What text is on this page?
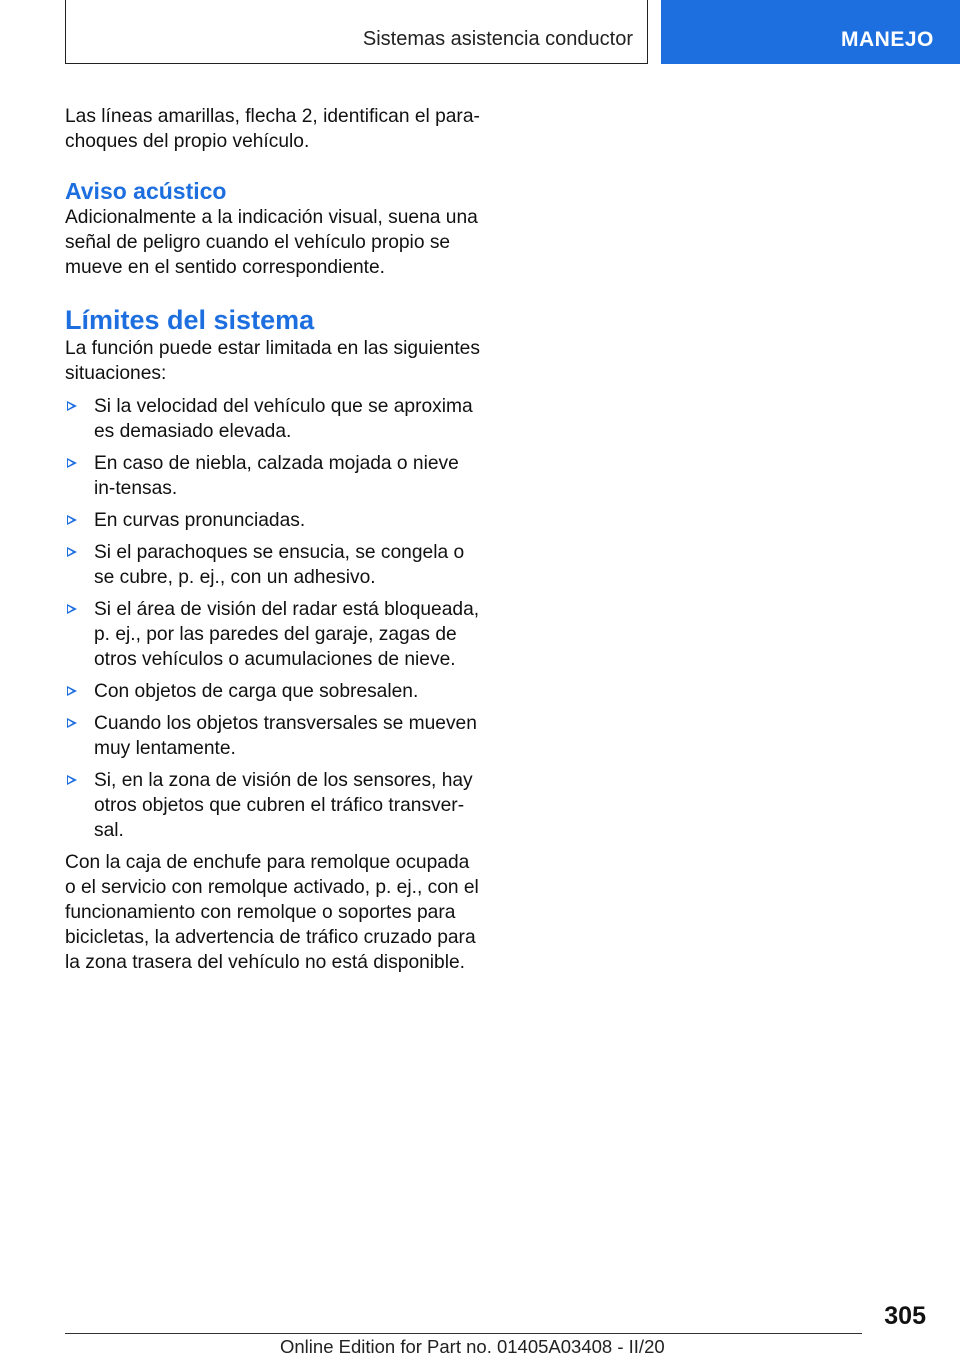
Sistemas asistencia conductor	MANEJO

Las líneas amarillas, flecha 2, identifican el para-
choques del propio vehículo.

Aviso acústico

Adicionalmente a la indicación visual, suena una señal de peligro cuando el vehículo propio se mueve en el sentido correspondiente.

Límites del sistema

La función puede estar limitada en las siguientes situaciones:

Si la velocidad del vehículo que se aproxima es demasiado elevada.
En caso de niebla, calzada mojada o nieve in-tensas.
En curvas pronunciadas.
Si el parachoques se ensucia, se congela o se cubre, p. ej., con un adhesivo.
Si el área de visión del radar está bloqueada, p. ej., por las paredes del garaje, zagas de otros vehículos o acumulaciones de nieve.
Con objetos de carga que sobresalen.
Cuando los objetos transversales se mueven muy lentamente.
Si, en la zona de visión de los sensores, hay otros objetos que cubren el tráfico transver-sal.

Con la caja de enchufe para remolque ocupada o el servicio con remolque activado, p. ej., con el funcionamiento con remolque o soportes para bicicletas, la advertencia de tráfico cruzado para la zona trasera del vehículo no está disponible.

305
Online Edition for Part no. 01405A03408 - II/20
